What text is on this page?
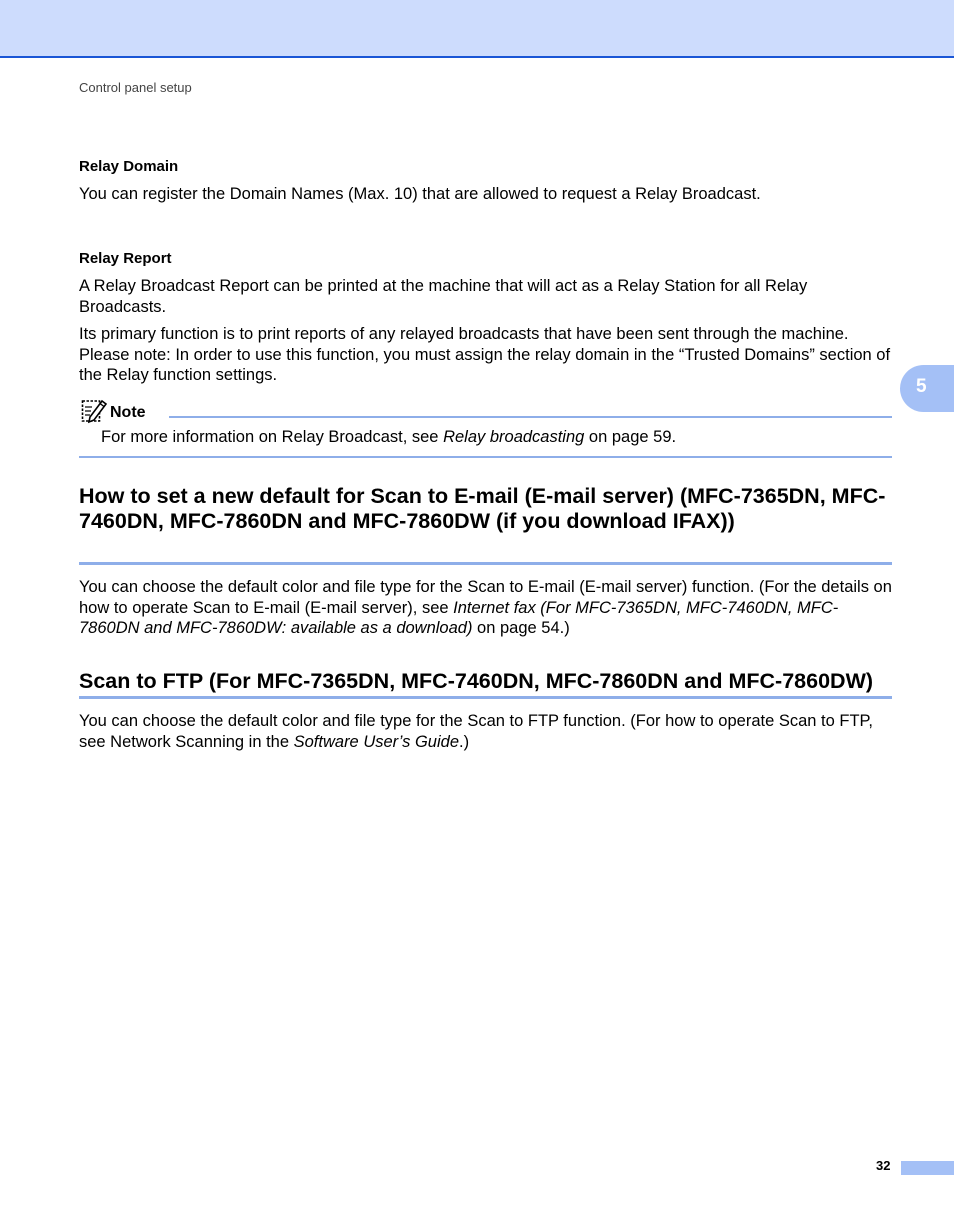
Control panel setup
Relay Domain

You can register the Domain Names (Max. 10) that are allowed to request a Relay Broadcast.

Relay Report

A Relay Broadcast Report can be printed at the machine that will act as a Relay Station for all Relay Broadcasts.

Its primary function is to print reports of any relayed broadcasts that have been sent through the machine. Please note: In order to use this function, you must assign the relay domain in the “Trusted Domains” section of the Relay function settings.

Note

For more information on Relay Broadcast, see Relay broadcasting on page 59.

How to set a new default for Scan to E-mail (E-mail server) (MFC-7365DN, MFC-7460DN, MFC-7860DN and MFC-7860DW (if you download IFAX))

You can choose the default color and file type for the Scan to E-mail (E-mail server) function. (For the details on how to operate Scan to E-mail (E-mail server), see Internet fax (For MFC-7365DN, MFC-7460DN, MFC-7860DN and MFC-7860DW: available as a download) on page 54.)

Scan to FTP (For MFC-7365DN, MFC-7460DN, MFC-7860DN and MFC-7860DW)

You can choose the default color and file type for the Scan to FTP function. (For how to operate Scan to FTP, see Network Scanning in the Software User’s Guide.)

5
32
